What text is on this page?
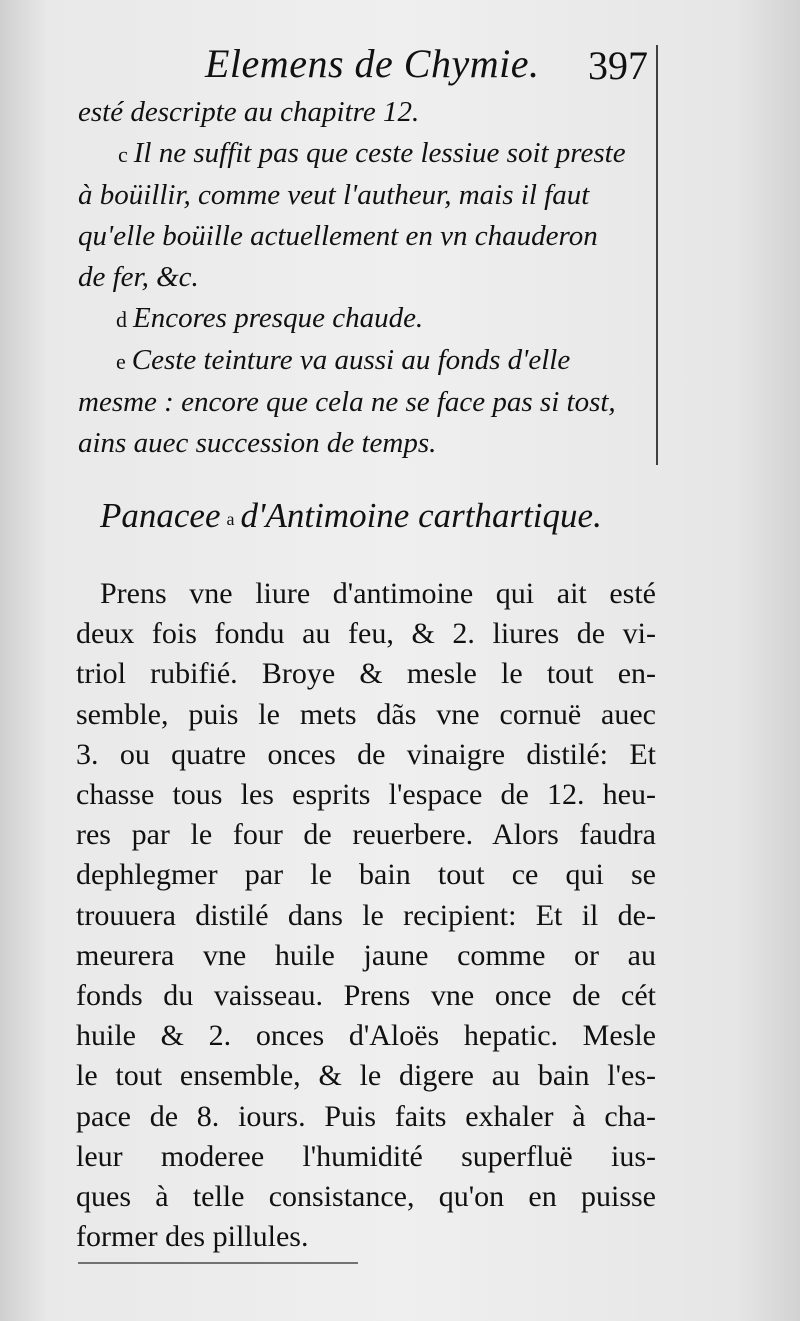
Elemens de Chymie. 397

esté descripte au chapitre 12.

c Il ne suffit pas que ceste lessiue soit preste

à boüillir, comme veut l'autheur, mais il faut

qu'elle boüille actuellement en vn chauderon

de fer, &c.

d Encores presque chaude.

e Ceste teinture va aussi au fonds d'elle

mesme : encore que cela ne se face pas si tost,

ains auec succession de temps.

Panacee a d'Antimoine carthartique.

Prens vne liure d'antimoine qui ait esté

deux fois fondu au feu, & 2. liures de vi-

triol rubifié. Broye & mesle le tout en-

semble, puis le mets dãs vne cornuë auec

3. ou quatre onces de vinaigre distilé: Et

chasse tous les esprits l'espace de 12. heu-

res par le four de reuerbere. Alors faudra

dephlegmer par le bain tout ce qui se

trouuera distilé dans le recipient: Et il de-

meurera vne huile jaune comme or au

fonds du vaisseau. Prens vne once de cét

huile & 2. onces d'Aloës hepatic. Mesle

le tout ensemble, & le digere au bain l'es-

pace de 8. iours. Puis faits exhaler à cha-

leur moderee l'humidité superfluë ius-

ques à telle consistance, qu'on en puisse

former des pillules.
